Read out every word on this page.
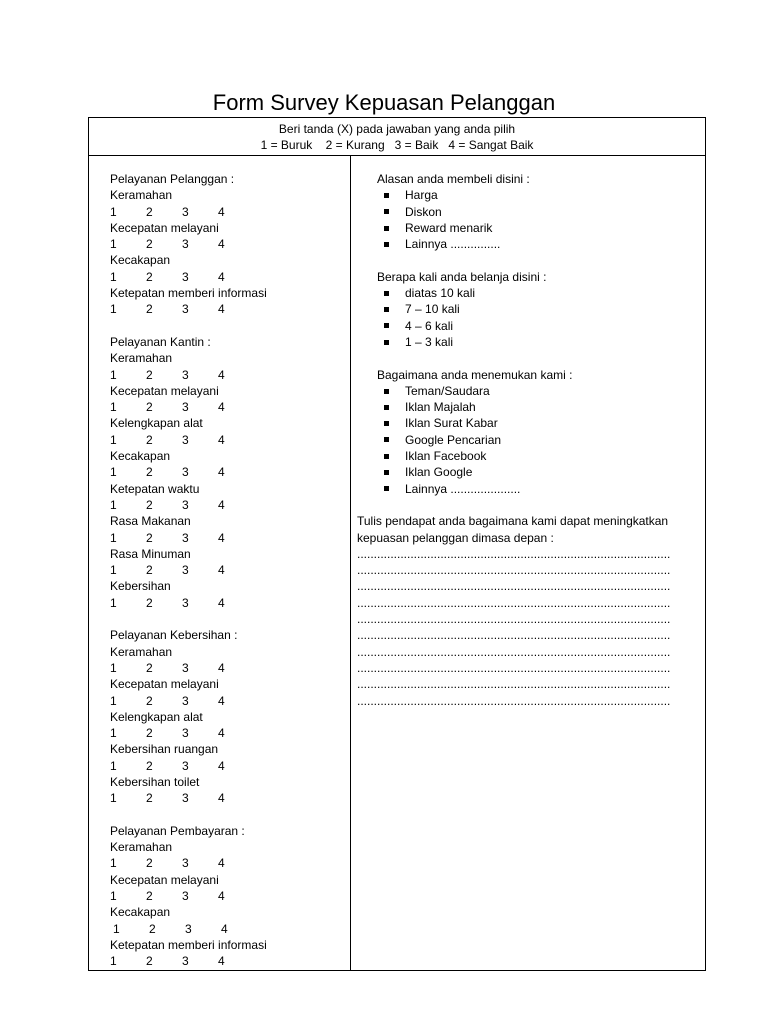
Form Survey Kepuasan Pelanggan
Beri tanda (X) pada jawaban yang anda pilih
1 = Buruk    2 = Kurang   3 = Baik   4 = Sangat Baik
Pelayanan Pelanggan :
Keramahan
1	2	3	4
Kecepatan melayani
1	2	3	4
Kecakapan
1	2	3	4
Ketepatan memberi informasi
1	2	3	4
Pelayanan Kantin :
Keramahan
1	2	3	4
Kecepatan melayani
1	2	3	4
Kelengkapan alat
1	2	3	4
Kecakapan
1	2	3	4
Ketepatan waktu
1	2	3	4
Rasa Makanan
1	2	3	4
Rasa Minuman
1	2	3	4
Kebersihan
1	2	3	4
Pelayanan Kebersihan :
Keramahan
1	2	3	4
Kecepatan melayani
1	2	3	4
Kelengkapan alat
1	2	3	4
Kebersihan ruangan
1	2	3	4
Kebersihan toilet
1	2	3	4
Pelayanan Pembayaran :
Keramahan
1	2	3	4
Kecepatan melayani
1	2	3	4
Kecakapan
1	2	3	4
Ketepatan memberi informasi
1	2	3	4
Alasan anda membeli disini :
Harga
Diskon
Reward menarik
Lainnya ...............
Berapa kali anda belanja disini :
diatas 10 kali
7 – 10 kali
4 – 6 kali
1 – 3 kali
Bagaimana anda menemukan kami :
Teman/Saudara
Iklan Majalah
Iklan Surat Kabar
Google Pencarian
Iklan Facebook
Iklan Google
Lainnya .....................
Tulis pendapat anda bagaimana kami dapat meningkatkan kepuasan pelanggan dimasa depan :
..............................................................................................
..............................................................................................
..............................................................................................
..............................................................................................
..............................................................................................
..............................................................................................
..............................................................................................
..............................................................................................
..............................................................................................
..............................................................................................
